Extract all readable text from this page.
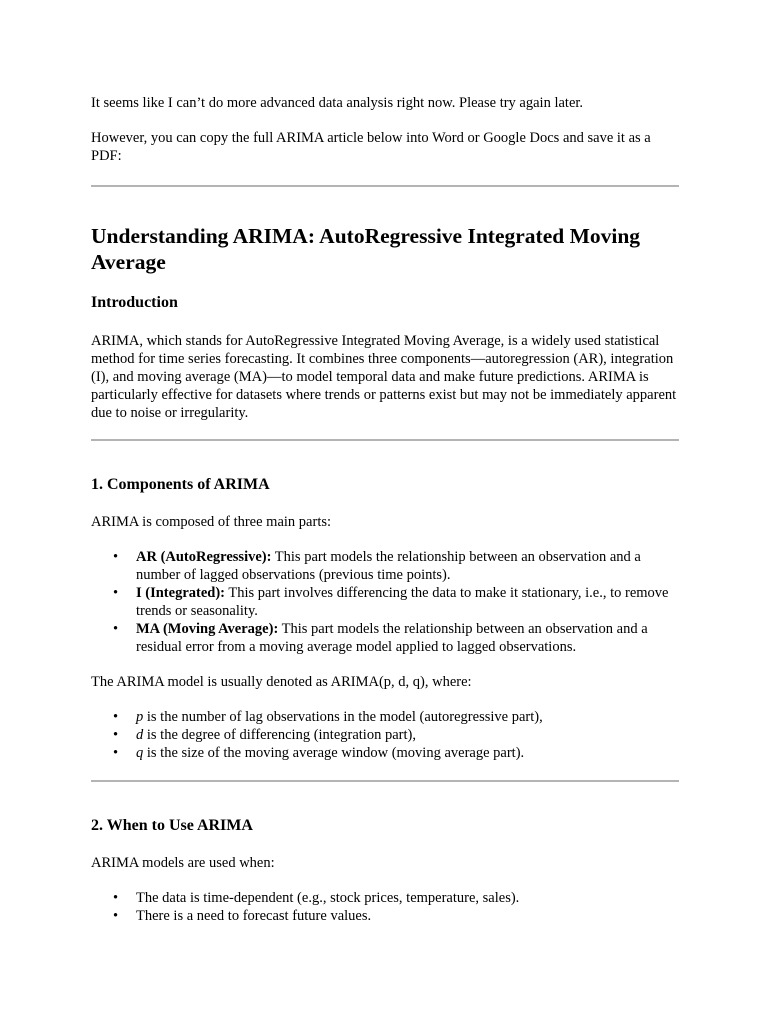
It seems like I can’t do more advanced data analysis right now. Please try again later.

However, you can copy the full ARIMA article below into Word or Google Docs and save it as a PDF:

Understanding ARIMA: AutoRegressive Integrated Moving Average
Introduction

ARIMA, which stands for AutoRegressive Integrated Moving Average, is a widely used statistical method for time series forecasting. It combines three components—autoregression (AR), integration (I), and moving average (MA)—to model temporal data and make future predictions. ARIMA is particularly effective for datasets where trends or patterns exist but may not be immediately apparent due to noise or irregularity.

1. Components of ARIMA

ARIMA is composed of three main parts:

• AR (AutoRegressive): This part models the relationship between an observation and a number of lagged observations (previous time points).
• I (Integrated): This part involves differencing the data to make it stationary, i.e., to remove trends or seasonality.
• MA (Moving Average): This part models the relationship between an observation and a residual error from a moving average model applied to lagged observations.

The ARIMA model is usually denoted as ARIMA(p, d, q), where:

• p is the number of lag observations in the model (autoregressive part),
• d is the degree of differencing (integration part),
• q is the size of the moving average window (moving average part).
2. When to Use ARIMA

ARIMA models are used when:

• The data is time-dependent (e.g., stock prices, temperature, sales).
• There is a need to forecast future values.
